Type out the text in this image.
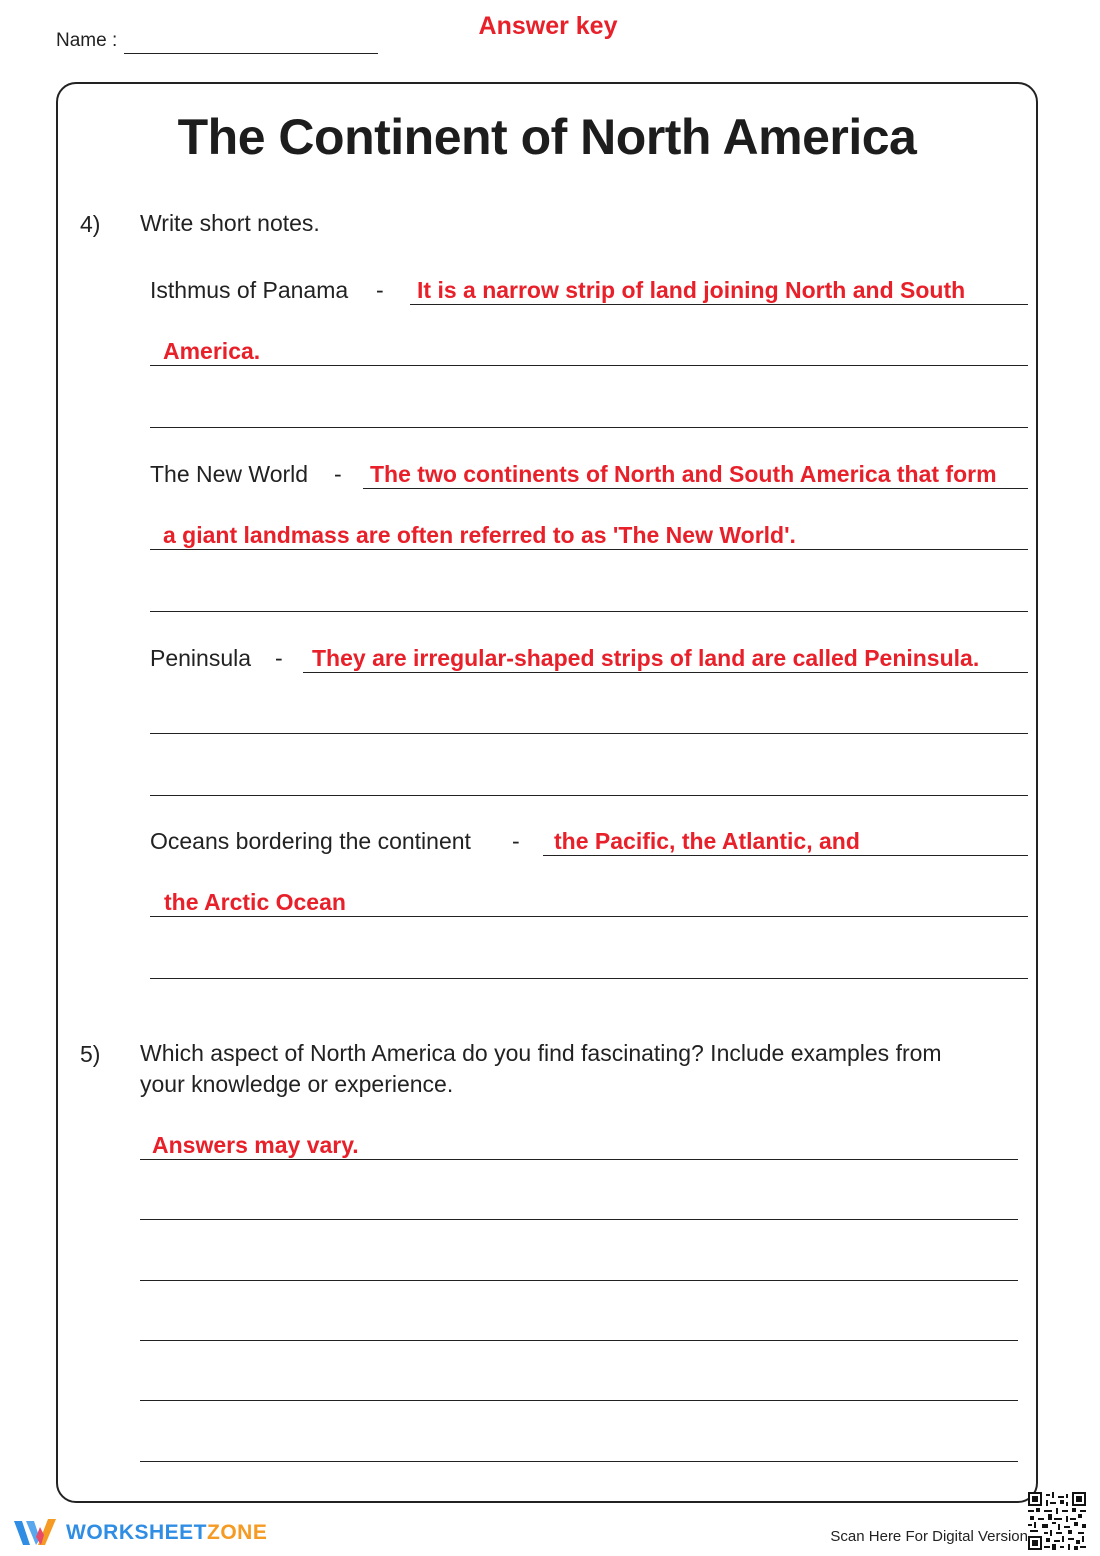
Name :
Answer key
The Continent of North America
4) Write short notes.
Isthmus of Panama - It is a narrow strip of land joining North and South
America.
The New World - The two continents of North and South America that form
a giant landmass are often referred to as 'The New World'.
Peninsula - They are irregular-shaped strips of land are called Peninsula.
Oceans bordering the continent - the Pacific, the Atlantic, and
the Arctic Ocean
5) Which aspect of North America do you find fascinating? Include examples from
your knowledge or experience.
Answers may vary.
WORKSHEETZONE	Scan Here For Digital Version
